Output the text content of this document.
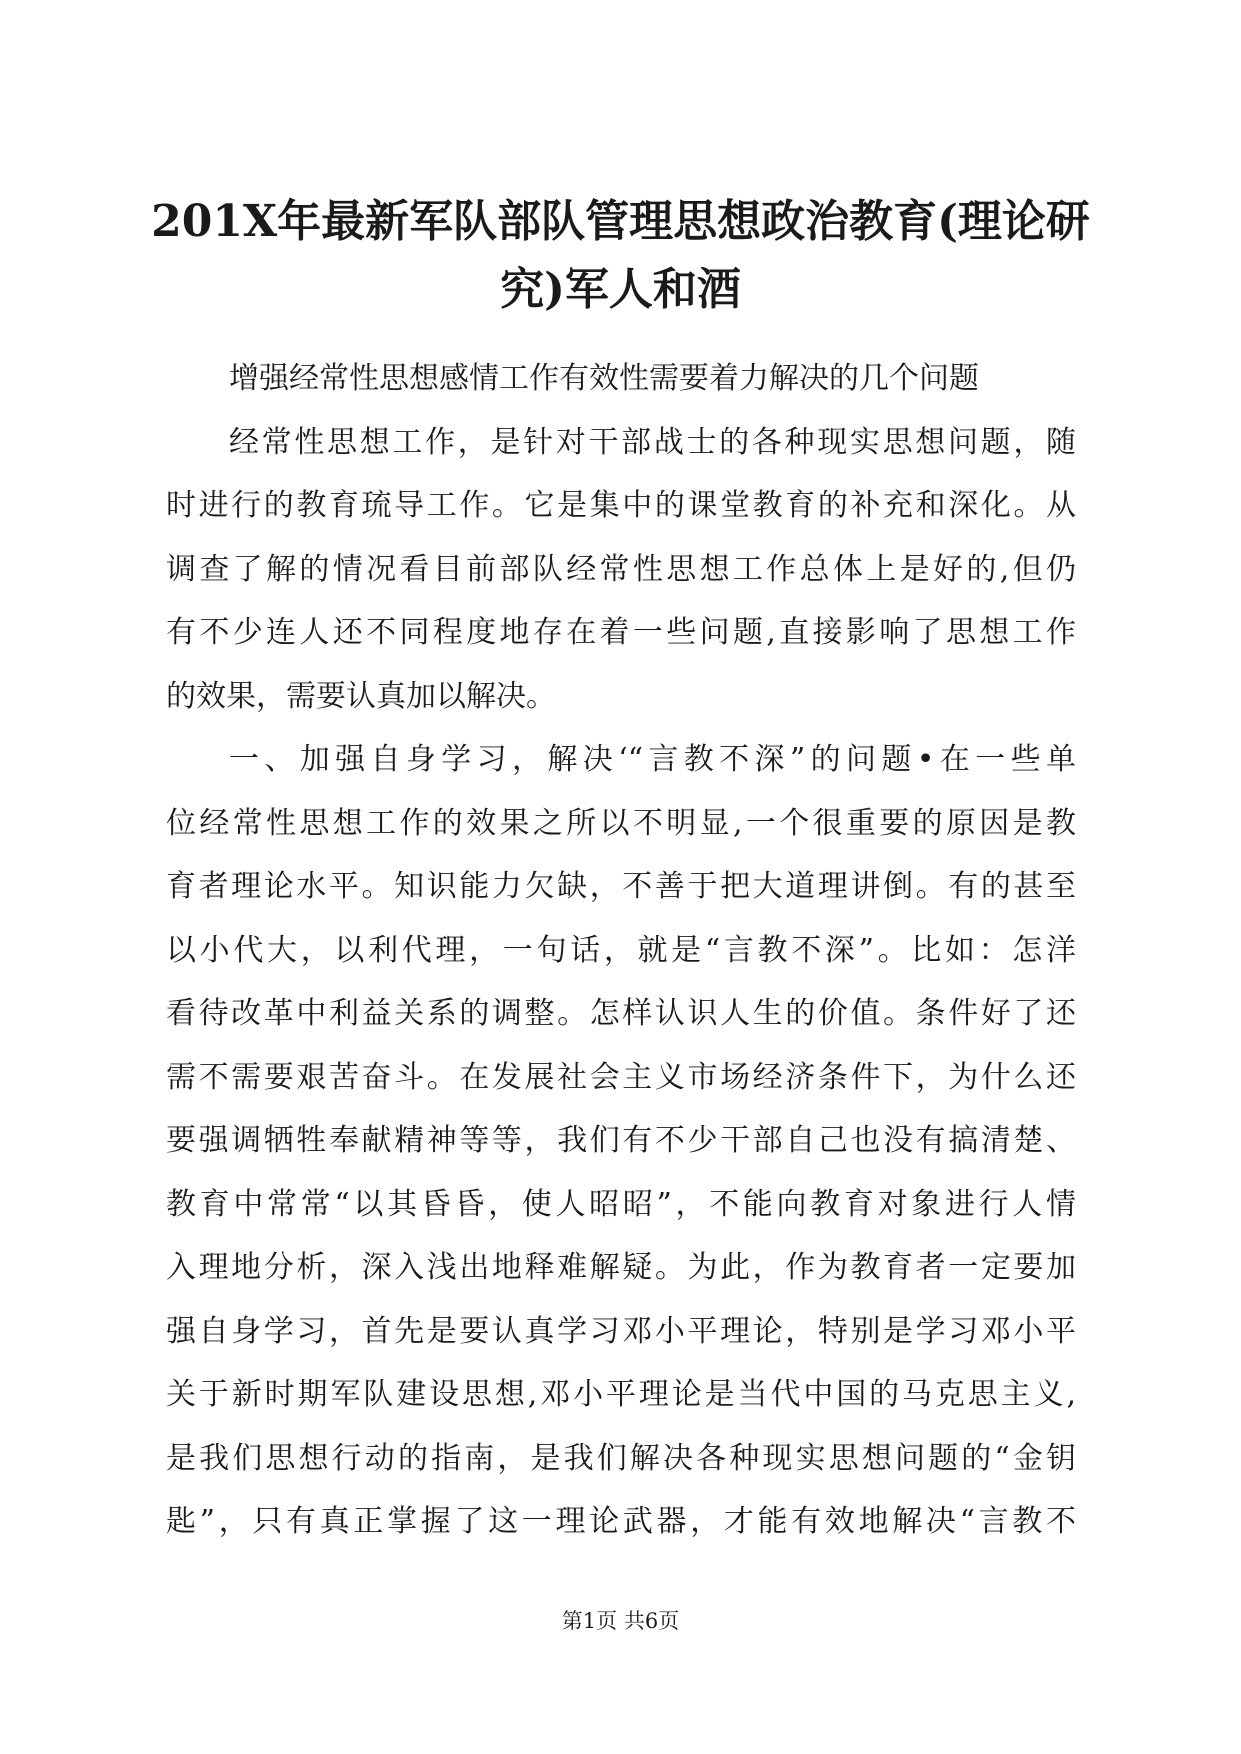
201X年最新军队部队管理思想政治教育(理论研究)军人和酒
增强经常性思想感情工作有效性需要着力解决的几个问题
经常性思想工作，是针对干部战士的各种现实思想问题，随
时进行的教育琉导工作。它是集中的课堂教育的补充和深化。从
调查了解的情况看目前部队经常性思想工作总体上是好的,但仍
有不少连人还不同程度地存在着一些问题,直接影响了思想工作
的效果，需要认真加以解决。
一、加强自身学习，解决‘“言教不深”的问题•在一些单
位经常性思想工作的效果之所以不明显,一个很重要的原因是教
育者理论水平。知识能力欠缺，不善于把大道理讲倒。有的甚至
以小代大，以利代理，一句话，就是“言教不深”。比如：怎洋
看待改革中利益关系的调整。怎样认识人生的价值。条件好了还
需不需要艰苦奋斗。在发展社会主义市场经济条件下，为什么还
要强调牺牲奉献精神等等，我们有不少干部自己也没有搞清楚、
教育中常常“以其昏昏，使人昭昭”，不能向教育对象进行人情
入理地分析，深入浅出地释难解疑。为此，作为教育者一定要加
强自身学习，首先是要认真学习邓小平理论，特别是学习邓小平
关于新时期军队建设思想,邓小平理论是当代中国的马克思主义,
是我们思想行动的指南，是我们解决各种现实思想问题的“金钥
匙”，只有真正掌握了这一理论武器，才能有效地解决“言教不
第1页 共6页
